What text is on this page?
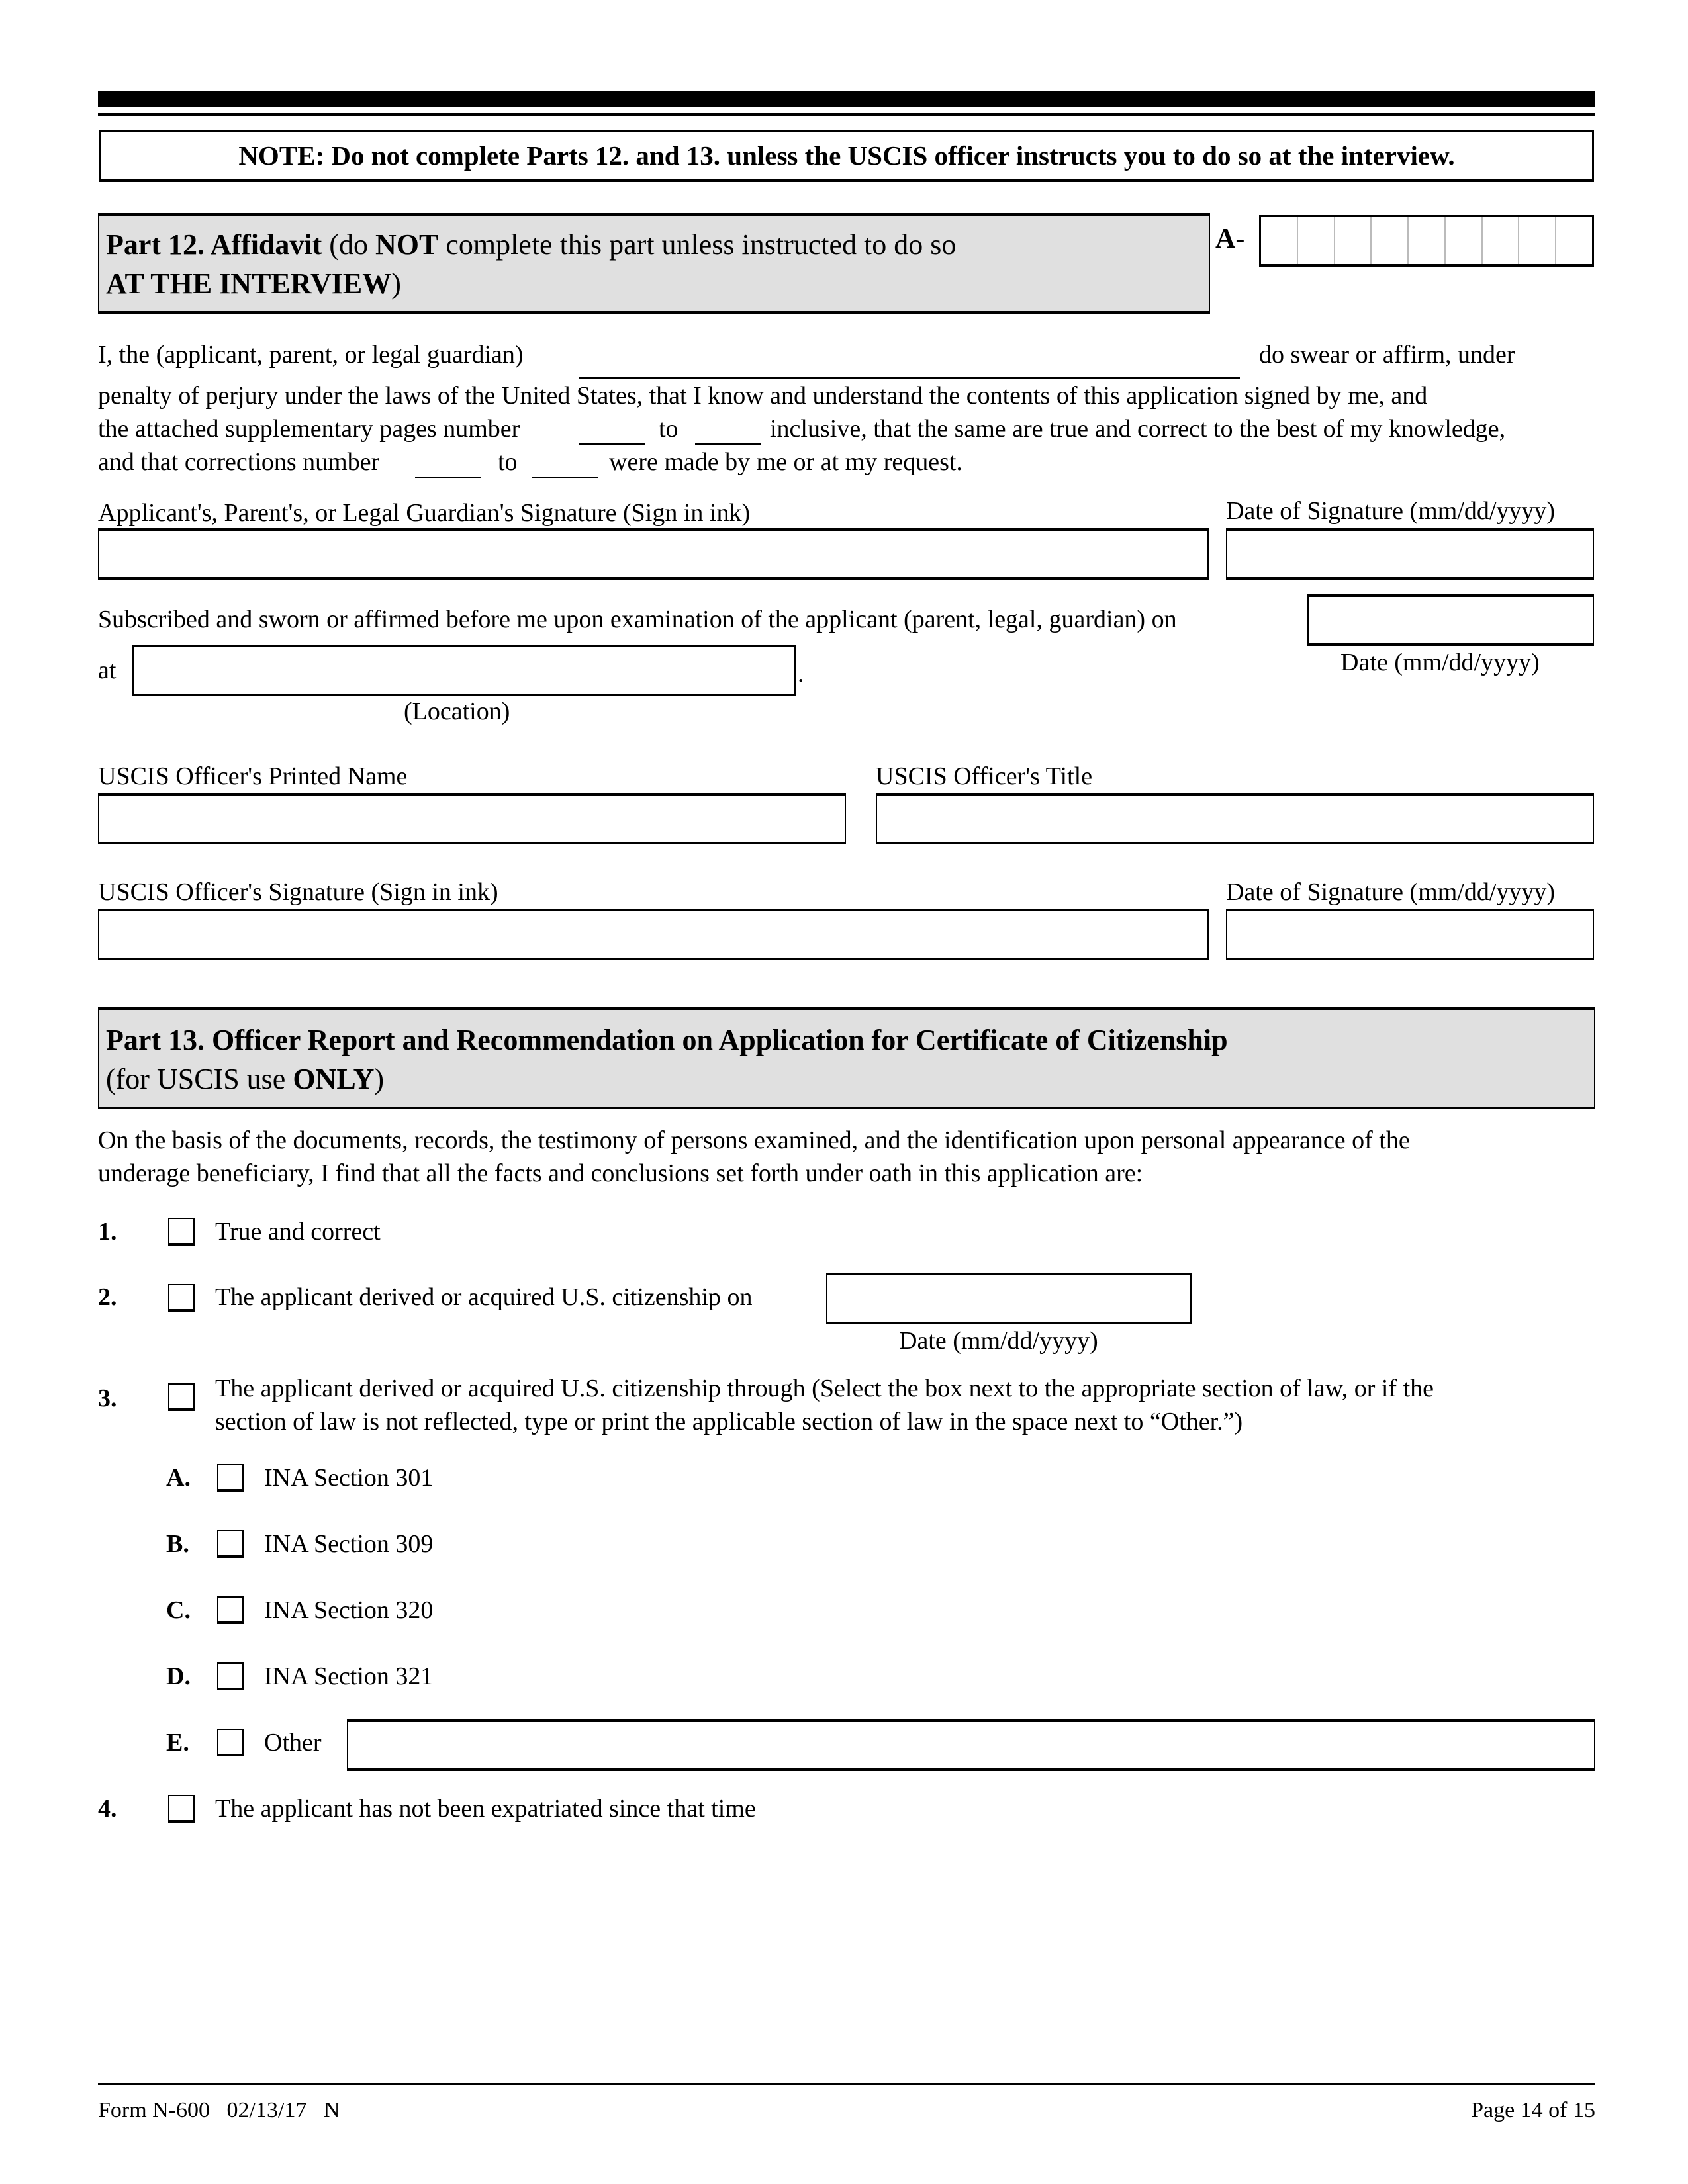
NOTE: Do not complete Parts 12. and 13. unless the USCIS officer instructs you to do so at the interview.
Part 12. Affidavit (do NOT complete this part unless instructed to do so
AT THE INTERVIEW)
A-
I, the (applicant, parent, or legal guardian)	do swear or affirm, under
penalty of perjury under the laws of the United States, that I know and understand the contents of this application signed by me, and
the attached supplementary pages number	to	inclusive, that the same are true and correct to the best of my knowledge,
and that corrections number	to	were made by me or at my request.
Applicant's, Parent's, or Legal Guardian's Signature (Sign in ink)	Date of Signature (mm/dd/yyyy)
Subscribed and sworn or affirmed before me upon examination of the applicant (parent, legal, guardian) on
Date (mm/dd/yyyy)
at	.
(Location)
USCIS Officer's Printed Name	USCIS Officer's Title
USCIS Officer's Signature (Sign in ink)	Date of Signature (mm/dd/yyyy)
Part 13. Officer Report and Recommendation on Application for Certificate of Citizenship
(for USCIS use ONLY)
On the basis of the documents, records, the testimony of persons examined, and the identification upon personal appearance of the
underage beneficiary, I find that all the facts and conclusions set forth under oath in this application are:
1.	True and correct
2.	The applicant derived or acquired U.S. citizenship on
Date (mm/dd/yyyy)
3.	The applicant derived or acquired U.S. citizenship through (Select the box next to the appropriate section of law, or if the
section of law is not reflected, type or print the applicable section of law in the space next to “Other.”)
A.	INA Section 301
B.	INA Section 309
C.	INA Section 320
D.	INA Section 321
E.	Other
4.	The applicant has not been expatriated since that time
Form N-600   02/13/17   N	Page 14 of 15
